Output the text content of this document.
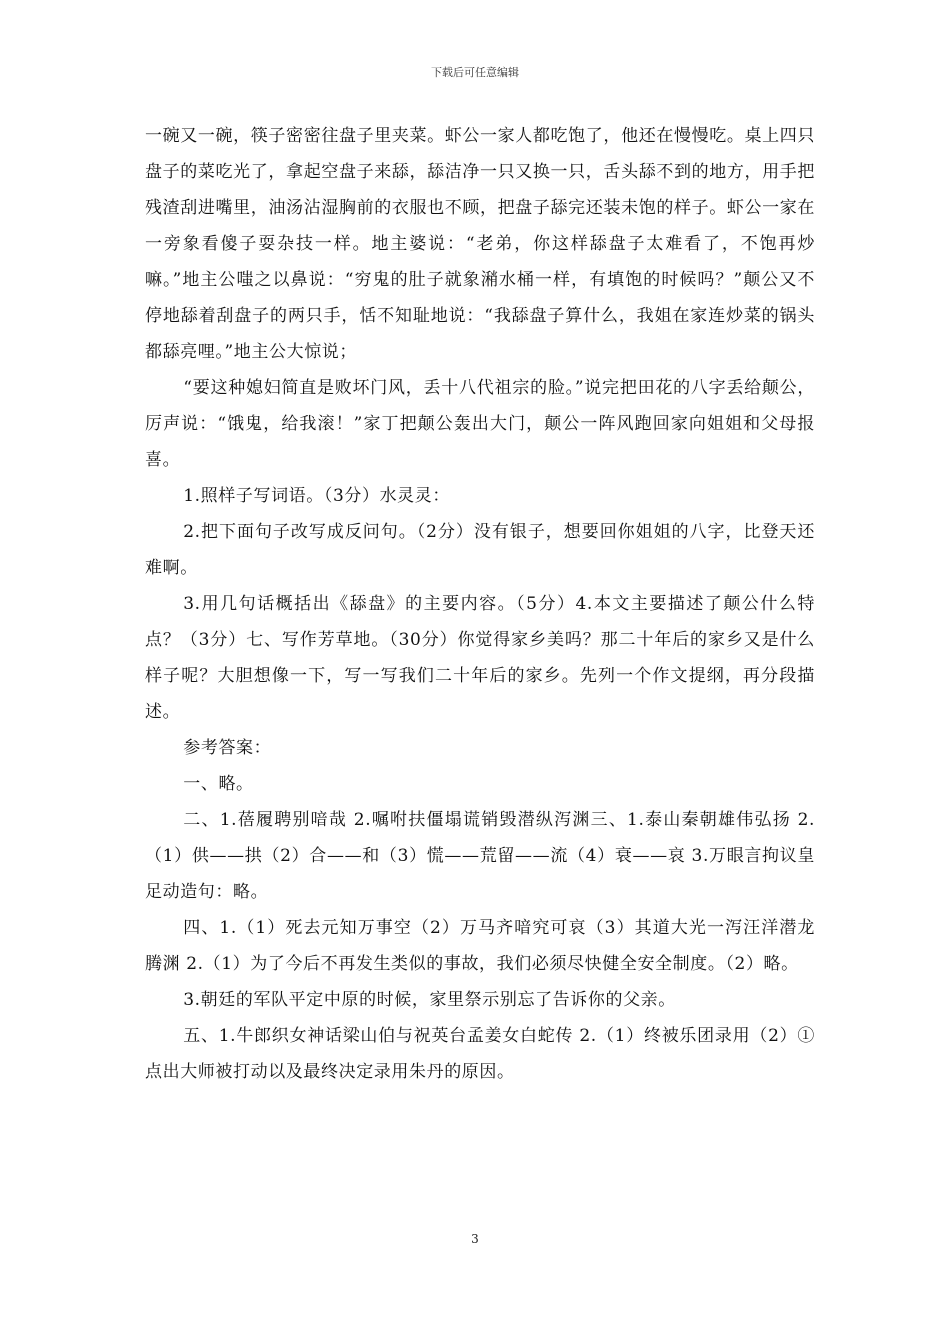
下载后可任意编辑

一碗又一碗，筷子密密往盘子里夹菜。虾公一家人都吃饱了，他还在慢慢吃。桌上四只盘子的菜吃光了，拿起空盘子来舔，舔洁净一只又换一只，舌头舔不到的地方，用手把残渣刮进嘴里，油汤沾湿胸前的衣服也不顾，把盘子舔完还装未饱的样子。虾公一家在一旁象看傻子耍杂技一样。地主婆说：“老弟，你这样舔盘子太难看了，不饱再炒嘛。”地主公嗤之以鼻说：“穷鬼的肚子就象潲水桶一样，有填饱的时候吗？”颠公又不停地舔着刮盘子的两只手，恬不知耻地说：“我舔盘子算什么，我姐在家连炒菜的锅头都舔亮哩。”地主公大惊说；

“要这种媳妇简直是败坏门风，丢十八代祖宗的脸。”说完把田花的八字丢给颠公，厉声说：“饿鬼，给我滚！”家丁把颠公轰出大门，颠公一阵风跑回家向姐姐和父母报喜。

1.照样子写词语。（3分）水灵灵：

2.把下面句子改写成反问句。（2分）没有银子，想要回你姐姐的八字，比登天还难啊。

3.用几句话概括出《舔盘》的主要内容。（5分）4.本文主要描述了颠公什么特点？（3分）七、写作芳草地。（30分）你觉得家乡美吗？那二十年后的家乡又是什么样子呢？大胆想像一下，写一写我们二十年后的家乡。先列一个作文提纲，再分段描述。

参考答案：

一、略。

二、1.蓓履聘别喑哉 2.嘱咐扶僵塌谎销毁潜纵泻渊三、1.泰山秦朝雄伟弘扬 2.（1）供——拱（2）合——和（3）慌——荒留——流（4）衰——哀 3.万眼言拘议皇足动造句：略。

四、1.（1）死去元知万事空（2）万马齐喑究可哀（3）其道大光一泻汪洋潜龙腾渊 2.（1）为了今后不再发生类似的事故，我们必须尽快健全安全制度。（2）略。

3.朝廷的军队平定中原的时候，家里祭示别忘了告诉你的父亲。

五、1.牛郎织女神话梁山伯与祝英台孟姜女白蛇传 2.（1）终被乐团录用（2）①点出大师被打动以及最终决定录用朱丹的原因。

3
